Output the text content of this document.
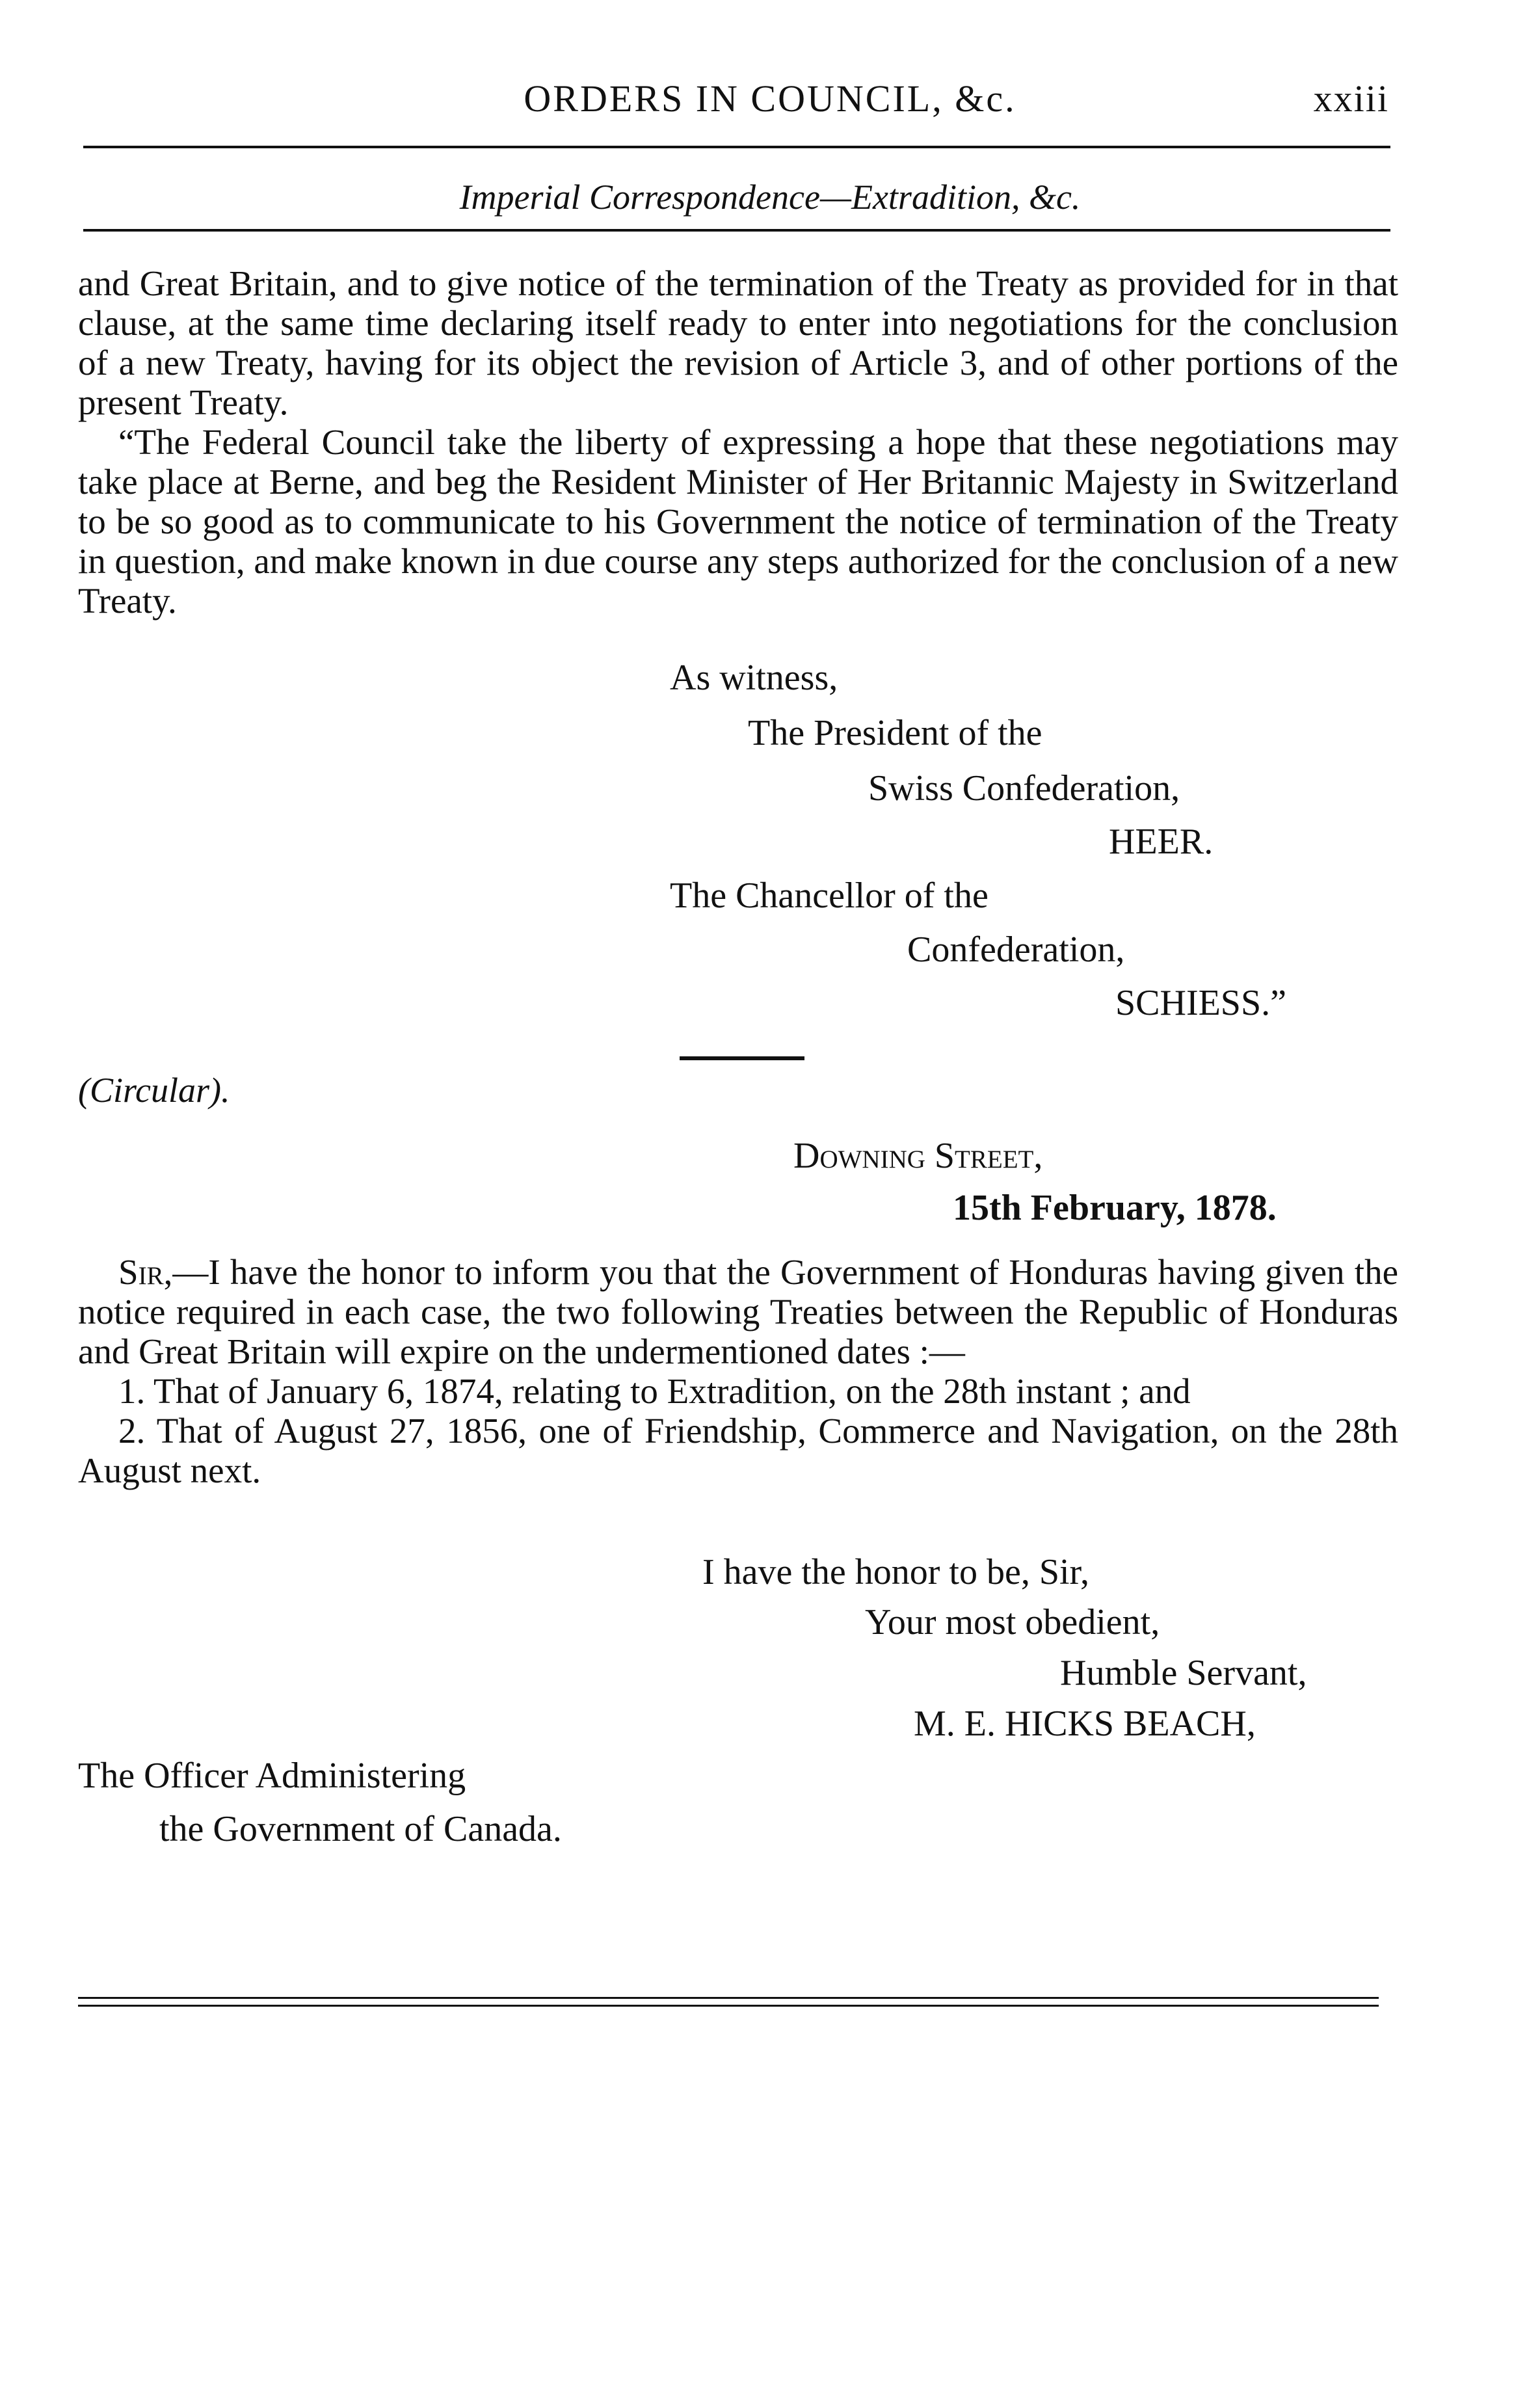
ORDERS IN COUNCIL, &c.	xxiii
Imperial Correspondence—Extradition, &c.

and Great Britain, and to give notice of the termination of the Treaty as provided for in that clause, at the same time declaring itself ready to enter into negotiations for the conclusion of a new Treaty, having for its object the revision of Article 3, and of other portions of the present Treaty.

“The Federal Council take the liberty of expressing a hope that these negotiations may take place at Berne, and beg the Resident Minister of Her Britannic Majesty in Switzerland to be so good as to communicate to his Government the notice of termination of the Treaty in question, and make known in due course any steps authorized for the conclusion of a new Treaty.

As witness,
The President of the
Swiss Confederation,
HEER.
The Chancellor of the
Confederation,
SCHIESS.”
(Circular).
Downing Street,
15th February, 1878.

Sir,—I have the honor to inform you that the Government of Honduras having given the notice required in each case, the two following Treaties between the Republic of Honduras and Great Britain will expire on the undermentioned dates :—

1. That of January 6, 1874, relating to Extradition, on the 28th instant ; and

2. That of August 27, 1856, one of Friendship, Commerce and Navigation, on the 28th August next.

I have the honor to be, Sir,
Your most obedient,
Humble Servant,
M. E. HICKS BEACH,
The Officer Administering
the Government of Canada.
